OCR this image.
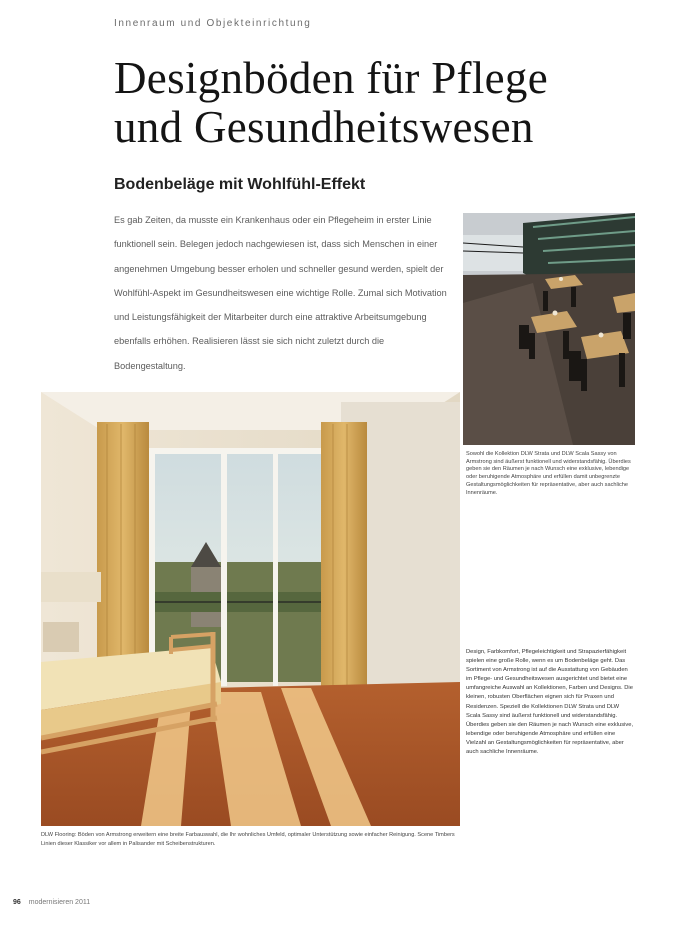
Innenraum und Objekteinrichtung
Designböden für Pflege
und Gesundheitswesen
Bodenbeläge mit Wohlfühl-Effekt
Es gab Zeiten, da musste ein Krankenhaus oder ein Pflegeheim in erster Linie funktionell sein. Belegen jedoch nachgewiesen ist, dass sich Menschen in einer angenehmen Umgebung besser erholen und schneller gesund werden, spielt der Wohlfühl-Aspekt im Gesundheitswesen eine wichtige Rolle. Zumal sich Motivation und Leistungsfähigkeit der Mitarbeiter durch eine attraktive Arbeitsumgebung ebenfalls erhöhen. Realisieren lässt sie sich nicht zuletzt durch die Bodengestaltung.
Sowohl die Kollektion DLW Strata und DLW Scala Sassy von Armstrong sind äußerst funktionell und widerstandsfähig. Überdies geben sie den Räumen je nach Wunsch eine exklusive, lebendige oder beruhigende Atmosphäre und erfüllen damit unbegrenzte Gestaltungsmöglichkeiten für repräsentative, aber auch sachliche Innenräume.
DLW Flooring: Böden von Armstrong erweitern eine breite Farbauswahl, die Ihr wohnliches Umfeld, optimaler Unterstützung sowie einfacher Reinigung. Scene Timbers Linien dieser Klassiker vor allem in Palisander mit Scheibenstrukturen.
Design, Farbkomfort, Pflegeleichtigkeit und Strapazierfähigkeit spielen eine große Rolle, wenn es um Bodenbeläge geht. Das Sortiment von Armstrong ist auf die Ausstattung von Gebäuden im Pflege- und Gesundheitswesen ausgerichtet und bietet eine umfangreiche Auswahl an Kollektionen, Farben und Designs. Die kleinen, robusten Oberflächen eignen sich für Praxen und Residenzen. Speziell die Kollektionen DLW Strata und DLW Scala Sassy sind äußerst funktionell und widerstandsfähig. Überdies geben sie den Räumen je nach Wunsch eine exklusive, lebendige oder beruhigende Atmosphäre und erfüllen eine Vielzahl an Gestaltungsmöglichkeiten für repräsentative, aber auch sachliche Innenräume.
96 modernisieren 2011
